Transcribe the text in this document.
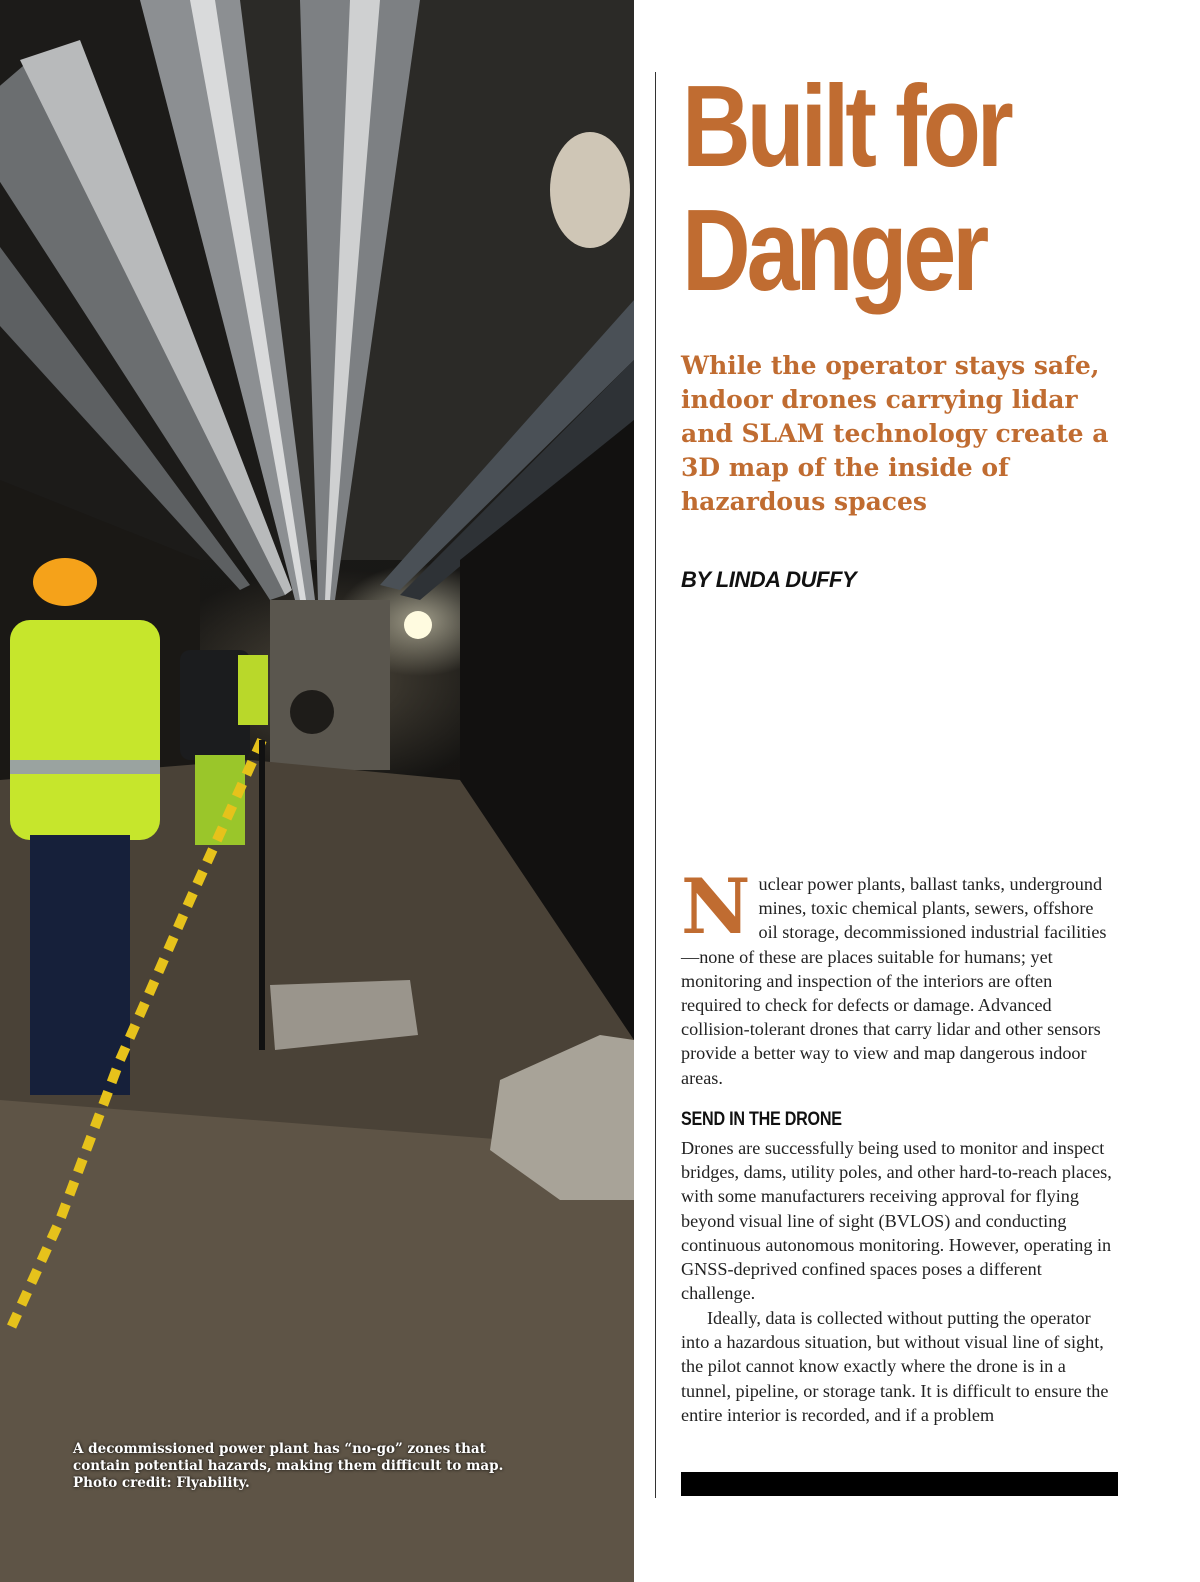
A decommissioned power plant has “no-go” zones that contain potential hazards, making them difficult to map. Photo credit: Flyability.
Built for
Danger
While the operator stays safe, indoor drones carrying lidar and SLAM technology create a 3D map of the inside of hazardous spaces
BY LINDA DUFFY
N uclear power plants, ballast tanks, underground mines, toxic chemical plants, sewers, offshore oil storage, decommissioned industrial facilities—none of these are places suitable for humans; yet monitoring and inspection of the interiors are often required to check for defects or damage. Advanced collision-tolerant drones that carry lidar and other sensors provide a better way to view and map dangerous indoor areas.
SEND IN THE DRONE
Drones are successfully being used to monitor and inspect bridges, dams, utility poles, and other hard-to-reach places, with some manufacturers receiving approval for flying beyond visual line of sight (BVLOS) and conducting continuous autonomous monitoring. However, operating in GNSS-deprived confined spaces poses a different challenge.
Ideally, data is collected without putting the operator into a hazardous situation, but without visual line of sight, the pilot cannot know exactly where the drone is in a tunnel, pipeline, or storage tank. It is difficult to ensure the entire interior is recorded, and if a problem
